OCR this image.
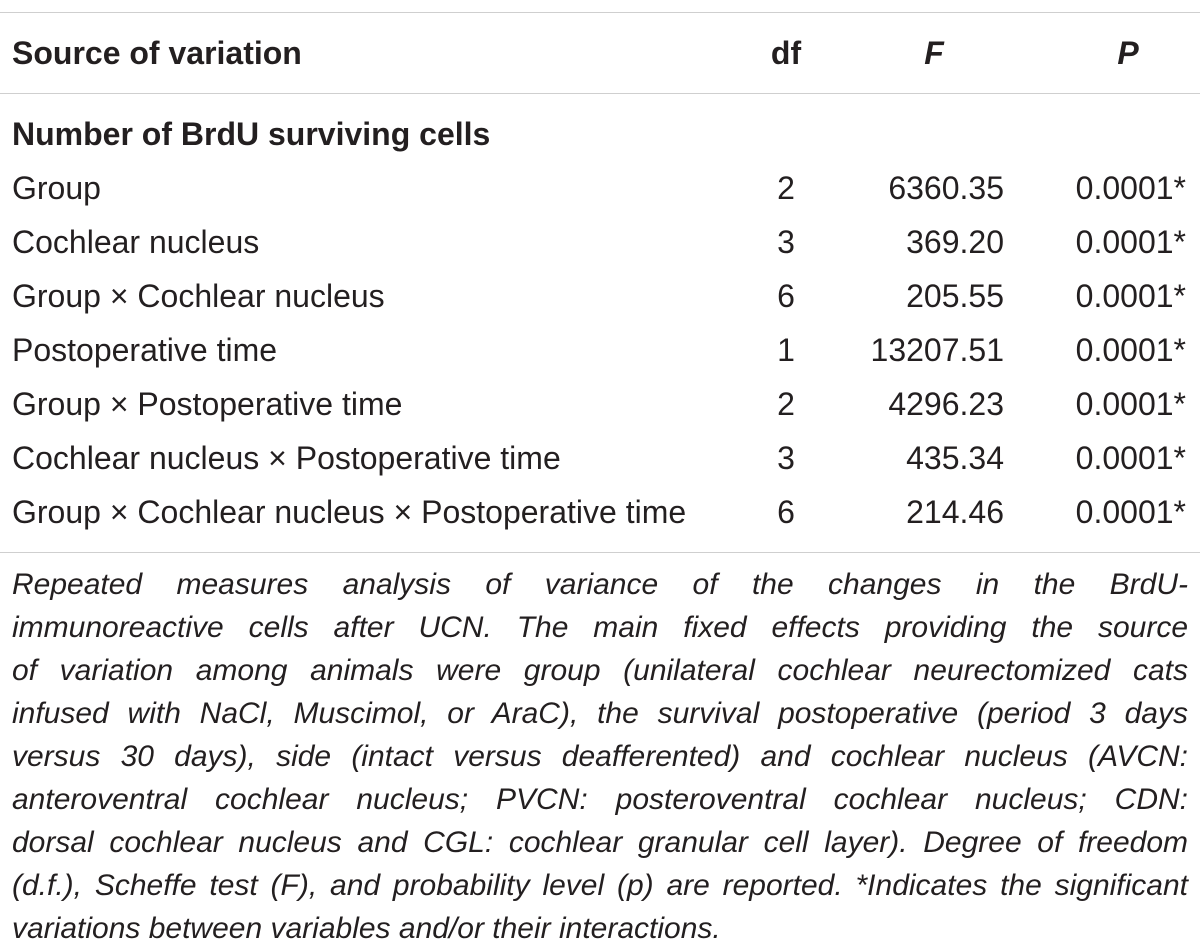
Source of variation	df	F	P
Number of BrdU surviving cells
Group	2	6360.35	0.0001*
Cochlear nucleus	3	369.20	0.0001*
Group × Cochlear nucleus	6	205.55	0.0001*
Postoperative time	1	13207.51	0.0001*
Group × Postoperative time	2	4296.23	0.0001*
Cochlear nucleus × Postoperative time	3	435.34	0.0001*
Group × Cochlear nucleus × Postoperative time	6	214.46	0.0001*
Repeated measures analysis of variance of the changes in the BrdU-
immunoreactive cells after UCN. The main fixed effects providing the source
of variation among animals were group (unilateral cochlear neurectomized cats
infused with NaCl, Muscimol, or AraC), the survival postoperative (period 3 days
versus 30 days), side (intact versus deafferented) and cochlear nucleus (AVCN:
anteroventral cochlear nucleus; PVCN: posteroventral cochlear nucleus; CDN:
dorsal cochlear nucleus and CGL: cochlear granular cell layer). Degree of freedom
(d.f.), Scheffe test (F), and probability level (p) are reported. *Indicates the significant
variations between variables and/or their interactions.
